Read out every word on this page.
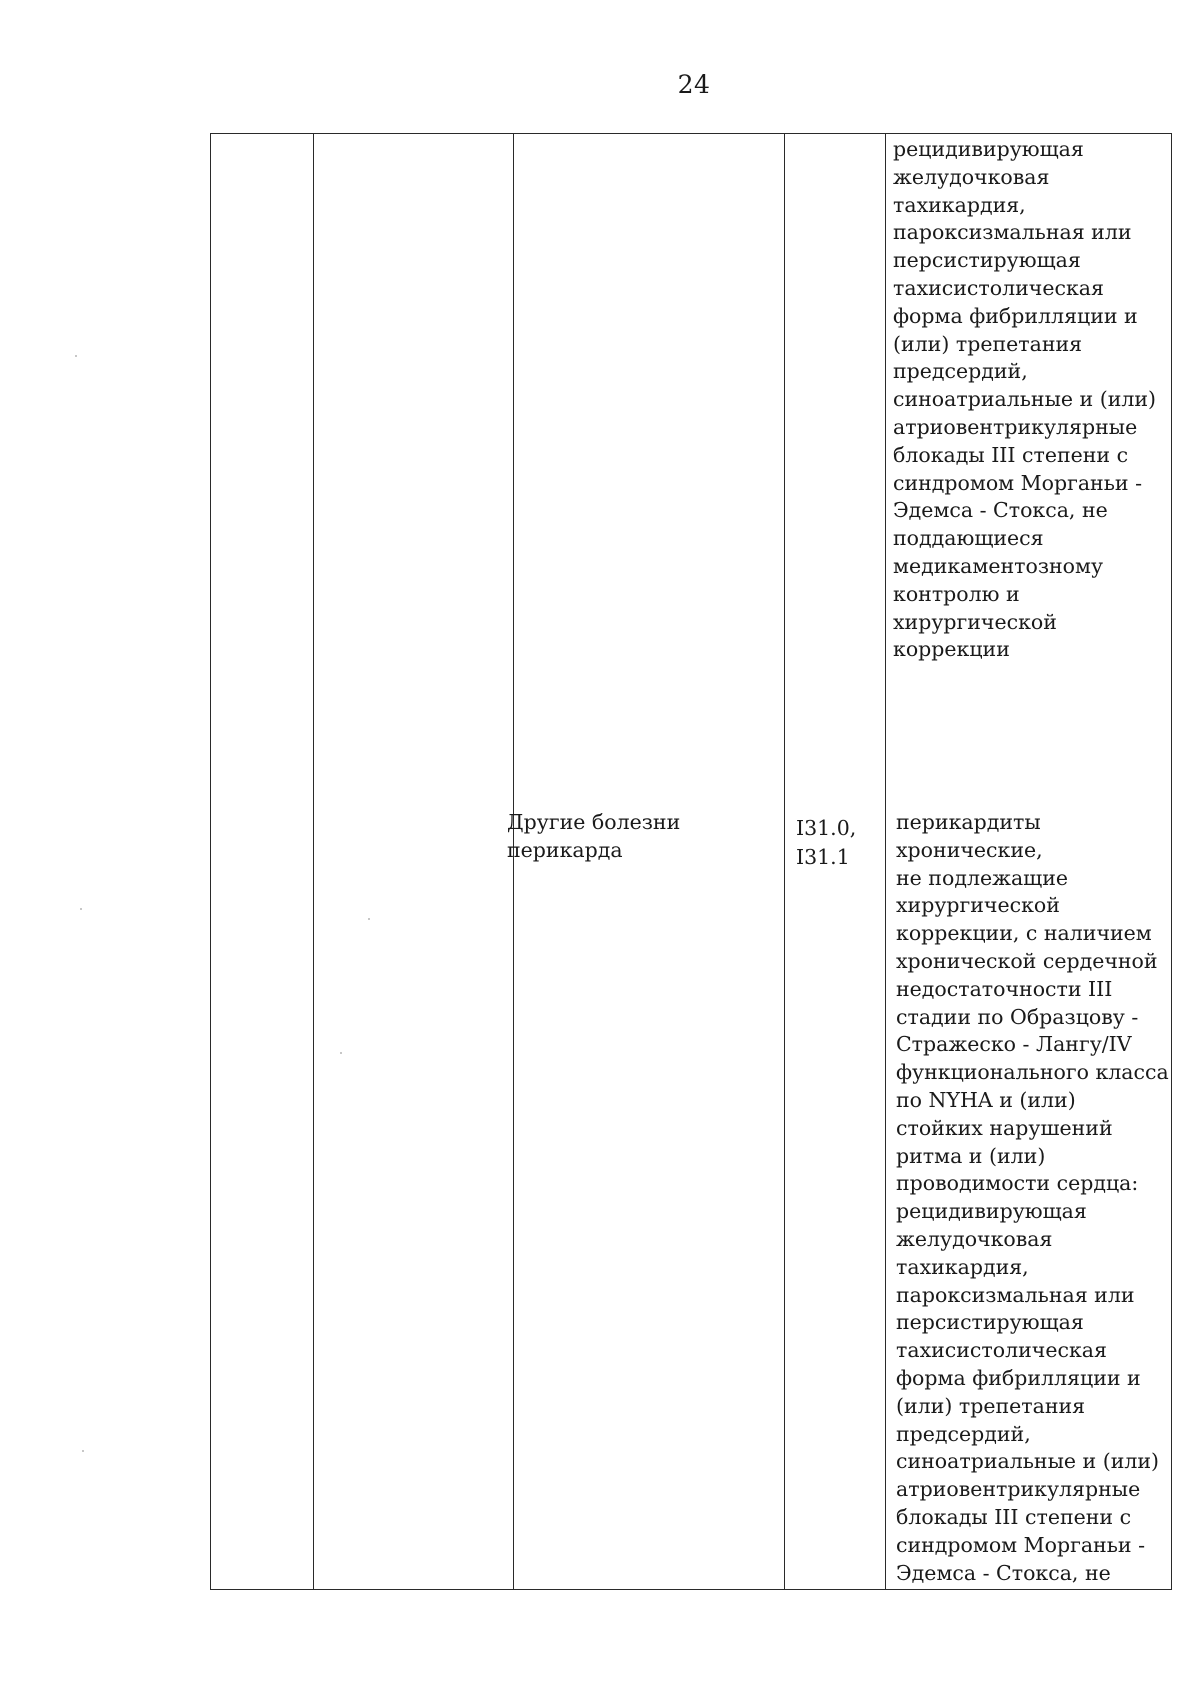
24
рецидивирующая
желудочковая
тахикардия,
пароксизмальная или
персистирующая
тахисистолическая
форма фибрилляции и
(или) трепетания
предсердий,
синоатриальные и (или)
атриовентрикулярные
блокады III степени с
синдромом Морганьи -
Эдемса - Стокса, не
поддающиеся
медикаментозному
контролю и
хирургической
коррекции
Другие болезни
перикарда
I31.0,
I31.1
перикардиты
хронические,
не подлежащие
хирургической
коррекции, с наличием
хронической сердечной
недостаточности III
стадии по Образцову -
Стражеско - Лангу/IV
функционального класса
по NYHA и (или)
стойких нарушений
ритма и (или)
проводимости сердца:
рецидивирующая
желудочковая
тахикардия,
пароксизмальная или
персистирующая
тахисистолическая
форма фибрилляции и
(или) трепетания
предсердий,
синоатриальные и (или)
атриовентрикулярные
блокады III степени с
синдромом Морганьи -
Эдемса - Стокса, не
